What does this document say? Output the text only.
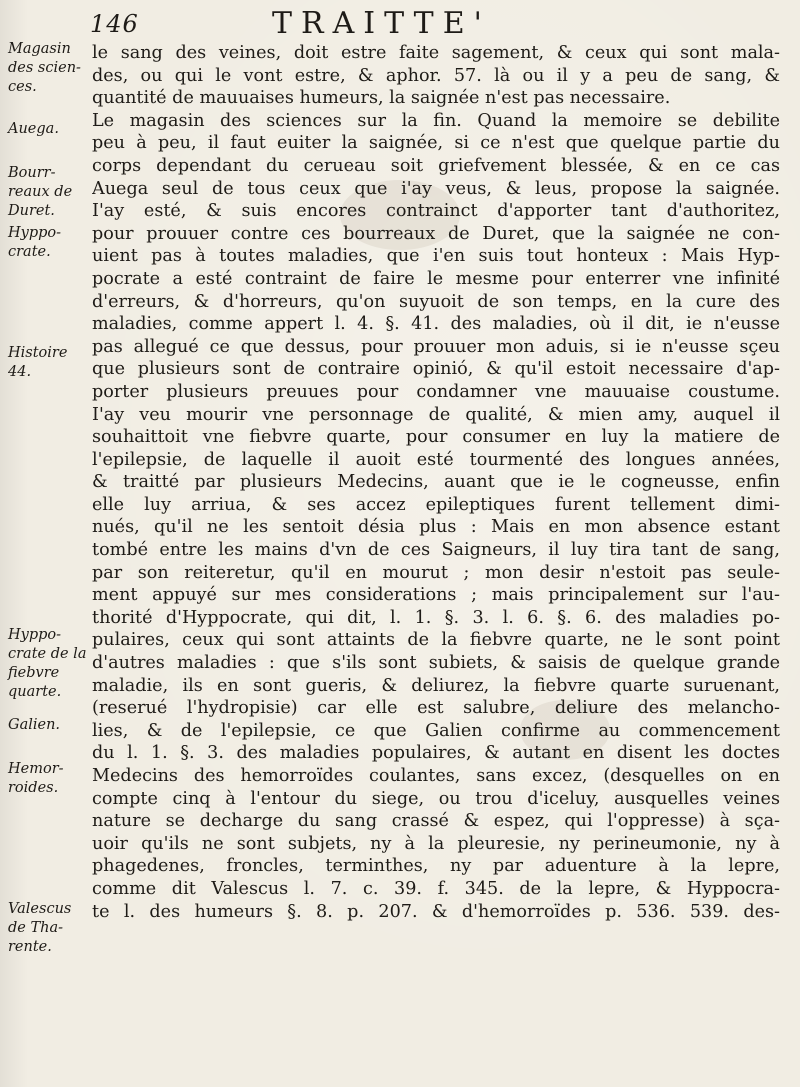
146	TRAITTE'
Magasin
des scien-
ces.
Auega.
Bourr-
reaux de
Duret.
Hyppo-
crate.
Histoire
44.
Hyppo-
crate de la
fiebvre
quarte.
Galien.
Hemor-
roides.
Valescus
de Tha-
rente.
le sang des veines, doit estre faite sagement, & ceux qui sont mala-
des, ou qui le vont estre, & aphor. 57. là ou il y a peu de sang, &
quantité de mauuaises humeurs, la saignée n'est pas necessaire.
Le magasin des sciences sur la fin. Quand la memoire se debilite
peu à peu, il faut euiter la saignée, si ce n'est que quelque partie du
corps dependant du cerueau soit griefvement blessée, & en ce cas
Auega seul de tous ceux que i'ay veus, & leus, propose la saignée.
I'ay esté, & suis encores contrainct d'apporter tant d'authoritez,
pour prouuer contre ces bourreaux de Duret, que la saignée ne con-
uient pas à toutes maladies, que i'en suis tout honteux : Mais Hyp-
pocrate a esté contraint de faire le mesme pour enterrer vne infinité
d'erreurs, & d'horreurs, qu'on suyuoit de son temps, en la cure des
maladies, comme appert l. 4. §. 41. des maladies, où il dit, ie n'eusse
pas allegué ce que dessus, pour prouuer mon aduis, si ie n'eusse sçeu
que plusieurs sont de contraire opinió, & qu'il estoit necessaire d'ap-
porter plusieurs preuues pour condamner vne mauuaise coustume.
I'ay veu mourir vne personnage de qualité, & mien amy, auquel il
souhaittoit vne fiebvre quarte, pour consumer en luy la matiere de
l'epilepsie, de laquelle il auoit esté tourmenté des longues années,
& traitté par plusieurs Medecins, auant que ie le cogneusse, enfin
elle luy arriua, & ses accez epileptiques furent tellement dimi-
nués, qu'il ne les sentoit désia plus : Mais en mon absence estant
tombé entre les mains d'vn de ces Saigneurs, il luy tira tant de sang,
par son reiteretur, qu'il en mourut ; mon desir n'estoit pas seule-
ment appuyé sur mes considerations ; mais principalement sur l'au-
thorité d'Hyppocrate, qui dit, l. 1. §. 3. l. 6. §. 6. des maladies po-
pulaires, ceux qui sont attaints de la fiebvre quarte, ne le sont point
d'autres maladies : que s'ils sont subiets, & saisis de quelque grande
maladie, ils en sont gueris, & deliurez, la fiebvre quarte suruenant,
(reserué l'hydropisie) car elle est salubre, deliure des melancho-
lies, & de l'epilepsie, ce que Galien confirme au commencement
du l. 1. §. 3. des maladies populaires, & autant en disent les doctes
Medecins des hemorroïdes coulantes, sans excez, (desquelles on en
compte cinq à l'entour du siege, ou trou d'iceluy, ausquelles veines
nature se decharge du sang crassé & espez, qui l'oppresse) à sça-
uoir qu'ils ne sont subjets, ny à la pleuresie, ny perineumonie, ny à
phagedenes, froncles, terminthes, ny par aduenture à la lepre,
comme dit Valescus l. 7. c. 39. f. 345. de la lepre, & Hyppocra-
te l. des humeurs §. 8. p. 207. & d'hemorroïdes p. 536. 539. des-
